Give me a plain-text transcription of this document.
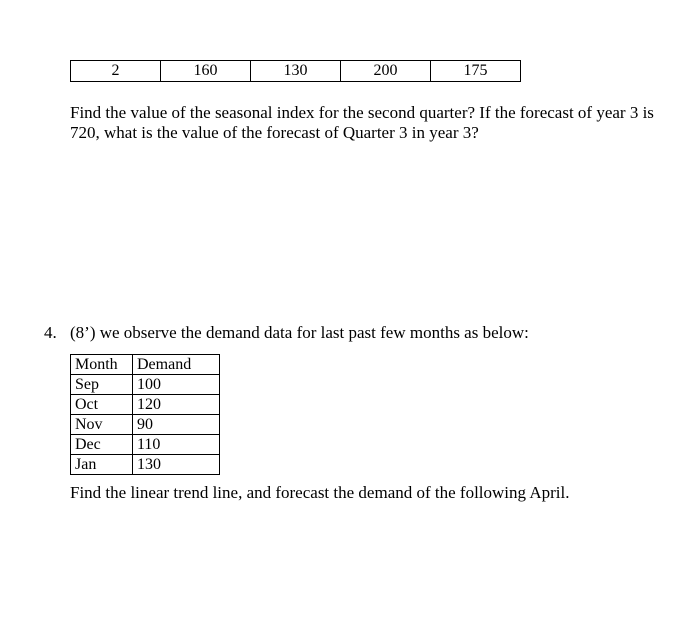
2	160	130	200	175

Find the value of the seasonal index for the second quarter? If the forecast of year 3 is 720, what is the value of the forecast of Quarter 3 in year 3?

4. (8’) we observe the demand data for last past few months as below:
Month	Demand
Sep	100
Oct	120
Nov	90
Dec	110
Jan	130

Find the linear trend line, and forecast the demand of the following April.
